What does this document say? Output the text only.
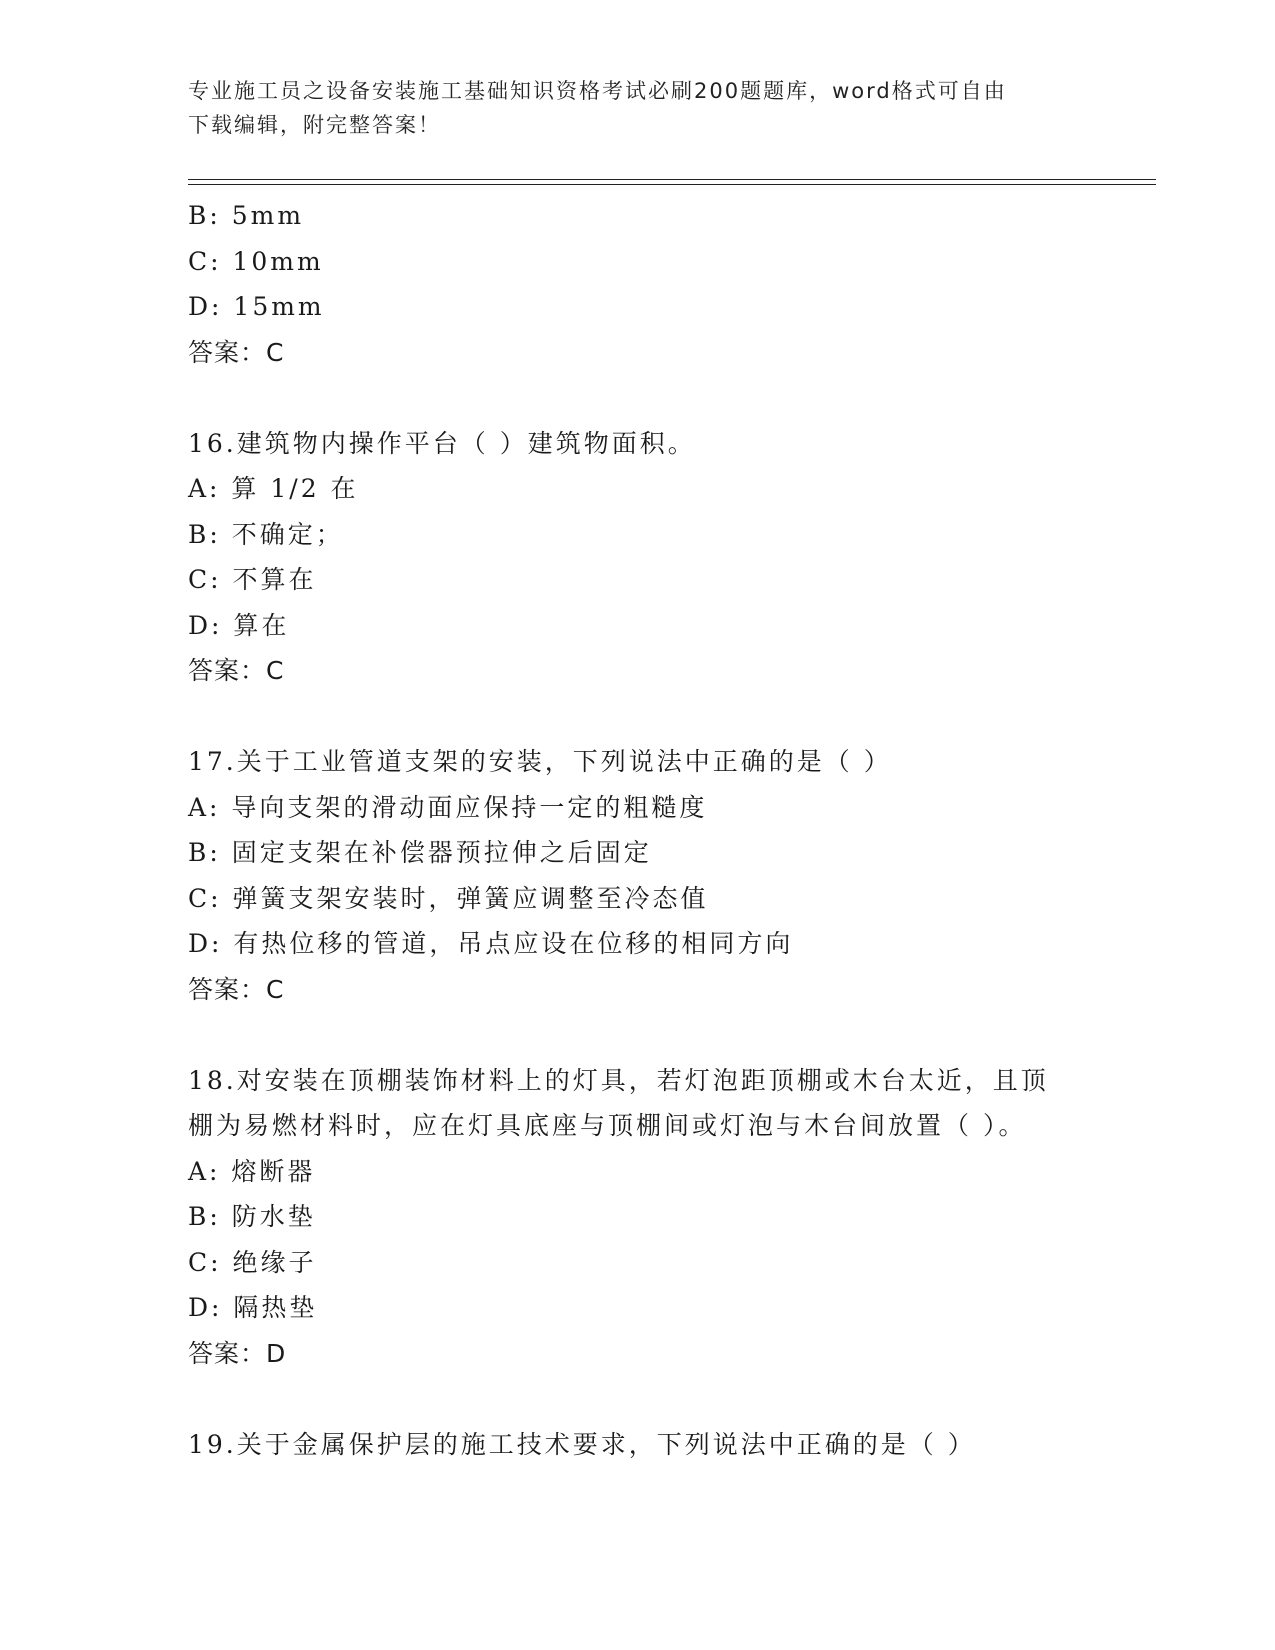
专业施工员之设备安装施工基础知识资格考试必刷200题题库，word格式可自由
下载编辑，附完整答案！
B: 5mm
C: 10mm
D: 15mm
答案：C
16.建筑物内操作平台（ ）建筑物面积。
A: 算 1/2 在
B: 不确定；
C: 不算在
D: 算在
答案：C
17.关于工业管道支架的安装，下列说法中正确的是（ ）
A: 导向支架的滑动面应保持一定的粗糙度
B: 固定支架在补偿器预拉伸之后固定
C: 弹簧支架安装时，弹簧应调整至冷态值
D: 有热位移的管道，吊点应设在位移的相同方向
答案：C
18.对安装在顶棚装饰材料上的灯具，若灯泡距顶棚或木台太近，且顶
棚为易燃材料时，应在灯具底座与顶棚间或灯泡与木台间放置（ ）。
A: 熔断器
B: 防水垫
C: 绝缘子
D: 隔热垫
答案：D
19.关于金属保护层的施工技术要求，下列说法中正确的是（ ）
